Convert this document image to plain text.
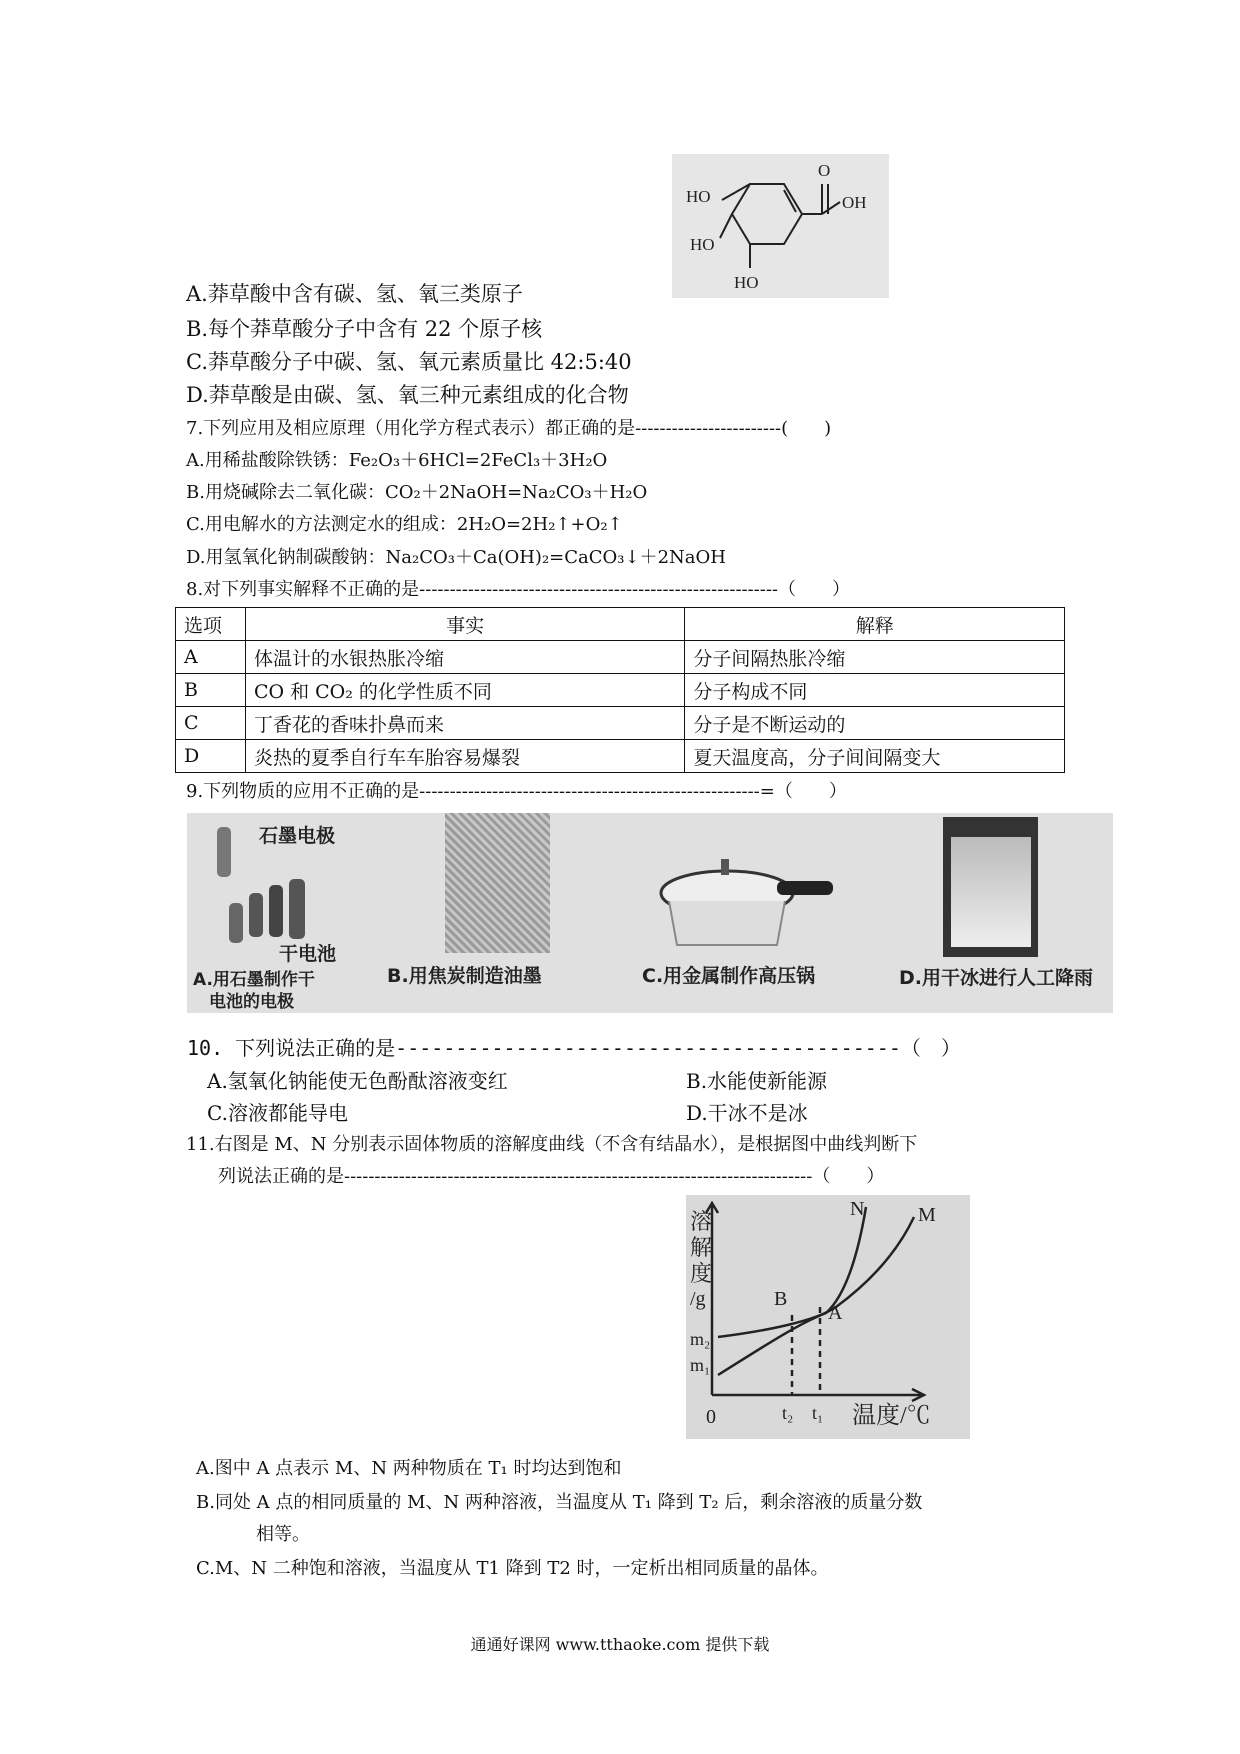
HO
HO
HO
O
OH
A.莽草酸中含有碳、氢、氧三类原子
B.每个莽草酸分子中含有 22 个原子核
C.莽草酸分子中碳、氢、氧元素质量比 42:5:40
D.莽草酸是由碳、氢、氧三种元素组成的化合物
7.下列应用及相应原理（用化学方程式表示）都正确的是------------------------(　　)
A.用稀盐酸除铁锈：Fe₂O₃＋6HCl=2FeCl₃＋3H₂O
B.用烧碱除去二氧化碳：CO₂＋2NaOH=Na₂CO₃＋H₂O
C.用电解水的方法测定水的组成：2H₂O=2H₂↑+O₂↑
D.用氢氧化钠制碳酸钠：Na₂CO₃＋Ca(OH)₂=CaCO₃↓＋2NaOH
8.对下列事实解释不正确的是-----------------------------------------------------------（　　）
选项	事实	解释
A	体温计的水银热胀冷缩	分子间隔热胀冷缩
B	CO 和 CO₂ 的化学性质不同	分子构成不同
C	丁香花的香味扑鼻而来	分子是不断运动的
D	炎热的夏季自行车车胎容易爆裂	夏天温度高，分子间间隔变大
9.下列物质的应用不正确的是--------------------------------------------------------=（　　）
石墨电极
干电池
A.用石墨制作干
电池的电极
B.用焦炭制造油墨	C.用金属制作高压锅	D.用干冰进行人工降雨
10. 下列说法正确的是------------------------------------------（　）
A.氢氧化钠能使无色酚酞溶液变红	B.水能使新能源
C.溶液都能导电	D.干冰不是冰
11.右图是 M、N 分别表示固体物质的溶解度曲线（不含有结晶水），是根据图中曲线判断下
列说法正确的是-----------------------------------------------------------------------------（　　）
溶
解
度
/g
m₂
m₁
0	t₂ t₁ 温度/℃
N	M
B
A
A.图中 A 点表示 M、N 两种物质在 T₁ 时均达到饱和
B.同处 A 点的相同质量的 M、N 两种溶液，当温度从 T₁ 降到 T₂ 后，剩余溶液的质量分数
相等。
C.M、N 二种饱和溶液，当温度从 T1 降到 T2 时，一定析出相同质量的晶体。
通通好课网 www.tthaoke.com 提供下载
